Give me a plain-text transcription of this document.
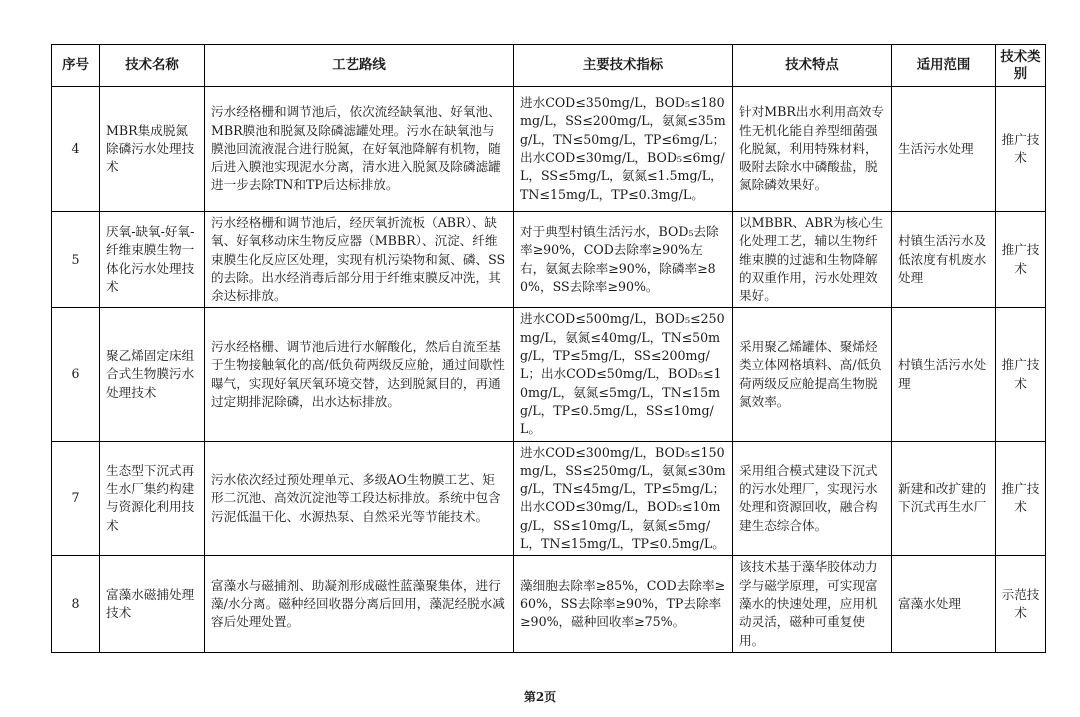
序号	技术名称	工艺路线	主要技术指标	技术特点	适用范围	技术类别
4	MBR集成脱氮除磷污水处理技术	污水经格栅和调节池后，依次流经缺氧池、好氧池、MBR膜池和脱氮及除磷滤罐处理。污水在缺氧池与膜池回流液混合进行脱氮，在好氧池降解有机物，随后进入膜池实现泥水分离，清水进入脱氮及除磷滤罐进一步去除TN和TP后达标排放。	进水COD≤350mg/L，BOD₅≤180mg/L，SS≤200mg/L，氨氮≤35mg/L，TN≤50mg/L，TP≤6mg/L；出水COD≤30mg/L，BOD₅≤6mg/L，SS≤5mg/L，氨氮≤1.5mg/L，TN≤15mg/L，TP≤0.3mg/L。	针对MBR出水利用高效专性无机化能自养型细菌强化脱氮，利用特殊材料，吸附去除水中磷酸盐，脱氮除磷效果好。	生活污水处理	推广技术
5	厌氧-缺氧-好氧-纤维束膜生物一体化污水处理技术	污水经格栅和调节池后，经厌氧折流板（ABR）、缺氧、好氧移动床生物反应器（MBBR）、沉淀、纤维束膜生化反应区处理，实现有机污染物和氮、磷、SS的去除。出水经消毒后部分用于纤维束膜反冲洗，其余达标排放。	对于典型村镇生活污水，BOD₅去除率≥90%，COD去除率≥90%左右，氨氮去除率≥90%，除磷率≥80%，SS去除率≥90%。	以MBBR、ABR为核心生化处理工艺，辅以生物纤维束膜的过滤和生物降解的双重作用，污水处理效果好。	村镇生活污水及低浓度有机废水处理	推广技术
6	聚乙烯固定床组合式生物膜污水处理技术	污水经格栅、调节池后进行水解酸化，然后自流至基于生物接触氧化的高/低负荷两级反应舱，通过间歇性曝气，实现好氧厌氧环境交替，达到脱氮目的，再通过定期排泥除磷，出水达标排放。	进水COD≤500mg/L，BOD₅≤250mg/L，氨氮≤40mg/L，TN≤50mg/L，TP≤5mg/L，SS≤200mg/L；出水COD≤50mg/L，BOD₅≤10mg/L，氨氮≤5mg/L，TN≤15mg/L，TP≤0.5mg/L，SS≤10mg/L。	采用聚乙烯罐体、聚烯烃类立体网格填料、高/低负荷两级反应舱提高生物脱氮效率。	村镇生活污水处理	推广技术
7	生态型下沉式再生水厂集约构建与资源化利用技术	污水依次经过预处理单元、多级AO生物膜工艺、矩形二沉池、高效沉淀池等工段达标排放。系统中包含污泥低温干化、水源热泵、自然采光等节能技术。	进水COD≤300mg/L，BOD₅≤150mg/L，SS≤250mg/L，氨氮≤30mg/L，TN≤45mg/L，TP≤5mg/L；出水COD≤30mg/L，BOD₅≤10mg/L，SS≤10mg/L，氨氮≤5mg/L，TN≤15mg/L，TP≤0.5mg/L。	采用组合模式建设下沉式的污水处理厂，实现污水处理和资源回收，融合构建生态综合体。	新建和改扩建的下沉式再生水厂	推广技术
8	富藻水磁捕处理技术	富藻水与磁捕剂、助凝剂形成磁性蓝藻聚集体，进行藻/水分离。磁种经回收器分离后回用，藻泥经脱水减容后处理处置。	藻细胞去除率≥85%，COD去除率≥60%，SS去除率≥90%，TP去除率≥90%，磁种回收率≥75%。	该技术基于藻华胶体动力学与磁学原理，可实现富藻水的快速处理，应用机动灵活，磁种可重复使用。	富藻水处理	示范技术
第2页
